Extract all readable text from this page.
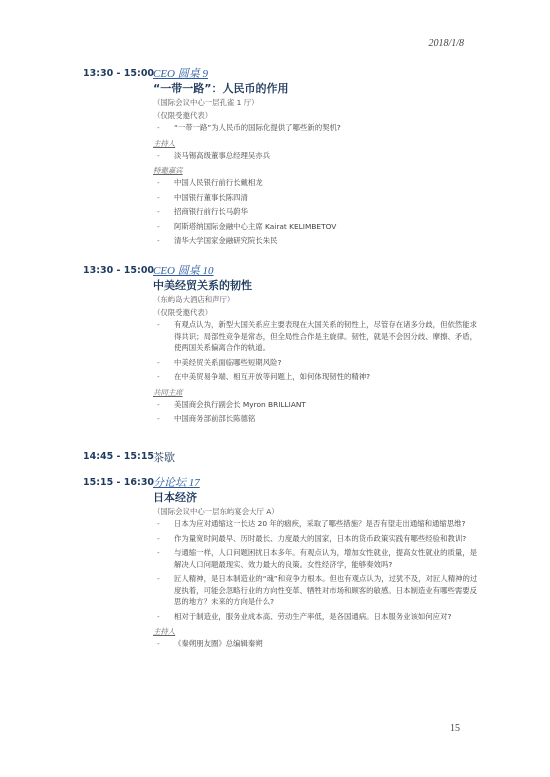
2018/1/8
13:30 - 15:00
CEO 圆桌 9
“一带一路”：人民币的作用
（国际会议中心一层孔雀 1 厅）
（仅限受邀代表）
- “一带一路”为人民币的国际化提供了哪些新的契机?
主持人
- 淡马锡高级董事总经理吴亦兵
特邀嘉宾
- 中国人民银行前行长戴相龙
- 中国银行董事长陈四清
- 招商银行前行长马蔚华
- 阿斯塔纳国际金融中心主席 Kairat KELIMBETOV
- 清华大学国家金融研究院长朱民
13:30 - 15:00
CEO 圆桌 10
中美经贸关系的韧性
（东屿岛大酒店和声厅）
（仅限受邀代表）
- 有观点认为，新型大国关系应主要表现在大国关系的韧性上，尽管存在诸多分歧，但依然能求得共识；局部性竞争是常态，但全局性合作是主旋律。韧性，就是不会因分歧、摩擦、矛盾，使两国关系偏离合作的轨道。
- 中美经贸关系面临哪些短期风险?
- 在中美贸易争端、相互开放等问题上，如何体现韧性的精神?
共同主席
- 美国商会执行副会长 Myron BRILLIANT
- 中国商务部前部长陈德铭
14:45 - 15:15
茶歇
15:15 - 16:30
分论坛 17
日本经济
（国际会议中心一层东屿宴会大厅 A）
- 日本为应对通缩这一长达 20 年的痼疾，采取了哪些措施？是否有望走出通缩和通缩思维?
- 作为量宽时间最早、历时最长、力度最大的国家，日本的货币政策实践有哪些经验和教训?
- 与通缩一样，人口问题困扰日本多年。有观点认为，增加女性就业，提高女性就业的质量，是解决人口问题最现实、效力最大的良策。女性经济学，能够奏效吗?
- 匠人精神，是日本制造业的“魂”和竞争力根本。但也有观点认为，过犹不及，对匠人精神的过度执着，可能会忽略行业的方向性变革、牺牲对市场和顾客的敏感。日本制造业有哪些需要反思的地方？未来的方向是什么?
- 相对于制造业，服务业成本高、劳动生产率低，是各国通病。日本服务业该如何应对?
主持人
- 《秦朔朋友圈》总编辑秦朔
15
